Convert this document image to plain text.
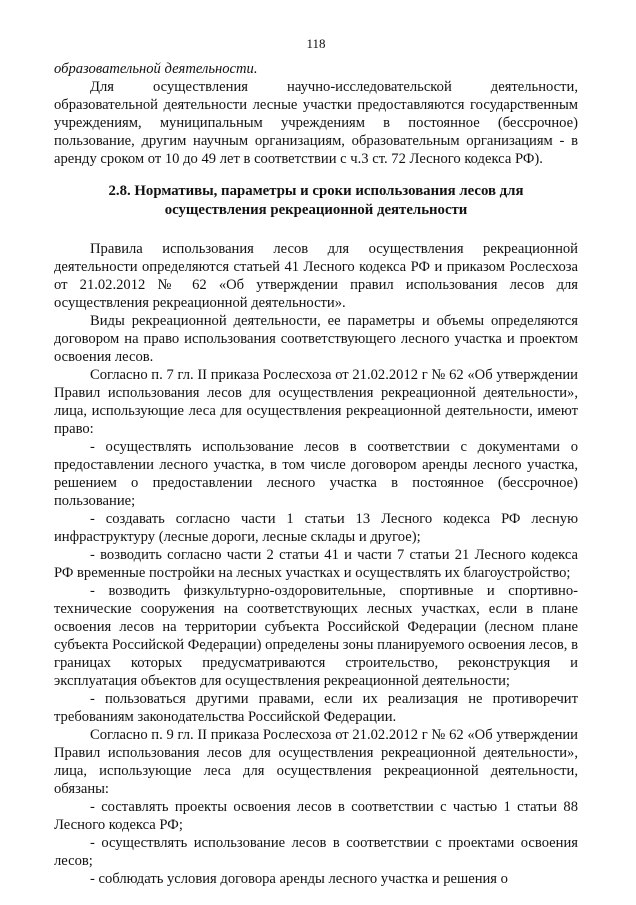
118

образовательной деятельности.

Для осуществления научно-исследовательской деятельности, образовательной деятельности лесные участки предоставляются государственным учреждениям, муниципальным учреждениям в постоянное (бессрочное) пользование, другим научным организациям, образовательным организациям - в аренду сроком от 10 до 49 лет в соответствии с ч.3 ст. 72 Лесного кодекса РФ).

2.8. Нормативы, параметры и сроки использования лесов для
осуществления рекреационной деятельности

Правила использования лесов для осуществления рекреационной деятельности определяются статьей 41 Лесного кодекса РФ и приказом Рослесхоза от 21.02.2012 № 62 «Об утверждении правил использования лесов для осуществления рекреационной деятельности».

Виды рекреационной деятельности, ее параметры и объемы определяются договором на право использования соответствующего лесного участка и проектом освоения лесов.

Согласно п. 7 гл. II приказа Рослесхоза от 21.02.2012 г № 62 «Об утверждении Правил использования лесов для осуществления рекреационной деятельности», лица, использующие леса для осуществления рекреационной деятельности, имеют право:

- осуществлять использование лесов в соответствии с документами о предоставлении лесного участка, в том числе договором аренды лесного участка, решением о предоставлении лесного участка в постоянное (бессрочное) пользование;

- создавать согласно части 1 статьи 13 Лесного кодекса РФ лесную инфраструктуру (лесные дороги, лесные склады и другое);

- возводить согласно части 2 статьи 41 и части 7 статьи 21 Лесного кодекса РФ временные постройки на лесных участках и осуществлять их благоустройство;

- возводить физкультурно-оздоровительные, спортивные и спортивно-технические сооружения на соответствующих лесных участках, если в плане освоения лесов на территории субъекта Российской Федерации (лесном плане субъекта Российской Федерации) определены зоны планируемого освоения лесов, в границах которых предусматриваются строительство, реконструкция и эксплуатация объектов для осуществления рекреационной деятельности;

- пользоваться другими правами, если их реализация не противоречит требованиям законодательства Российской Федерации.

Согласно п. 9 гл. II приказа Рослесхоза от 21.02.2012 г № 62 «Об утверждении Правил использования лесов для осуществления рекреационной деятельности», лица, использующие леса для осуществления рекреационной деятельности, обязаны:

- составлять проекты освоения лесов в соответствии с частью 1 статьи 88 Лесного кодекса РФ;

- осуществлять использование лесов в соответствии с проектами освоения лесов;

- соблюдать условия договора аренды лесного участка и решения о
